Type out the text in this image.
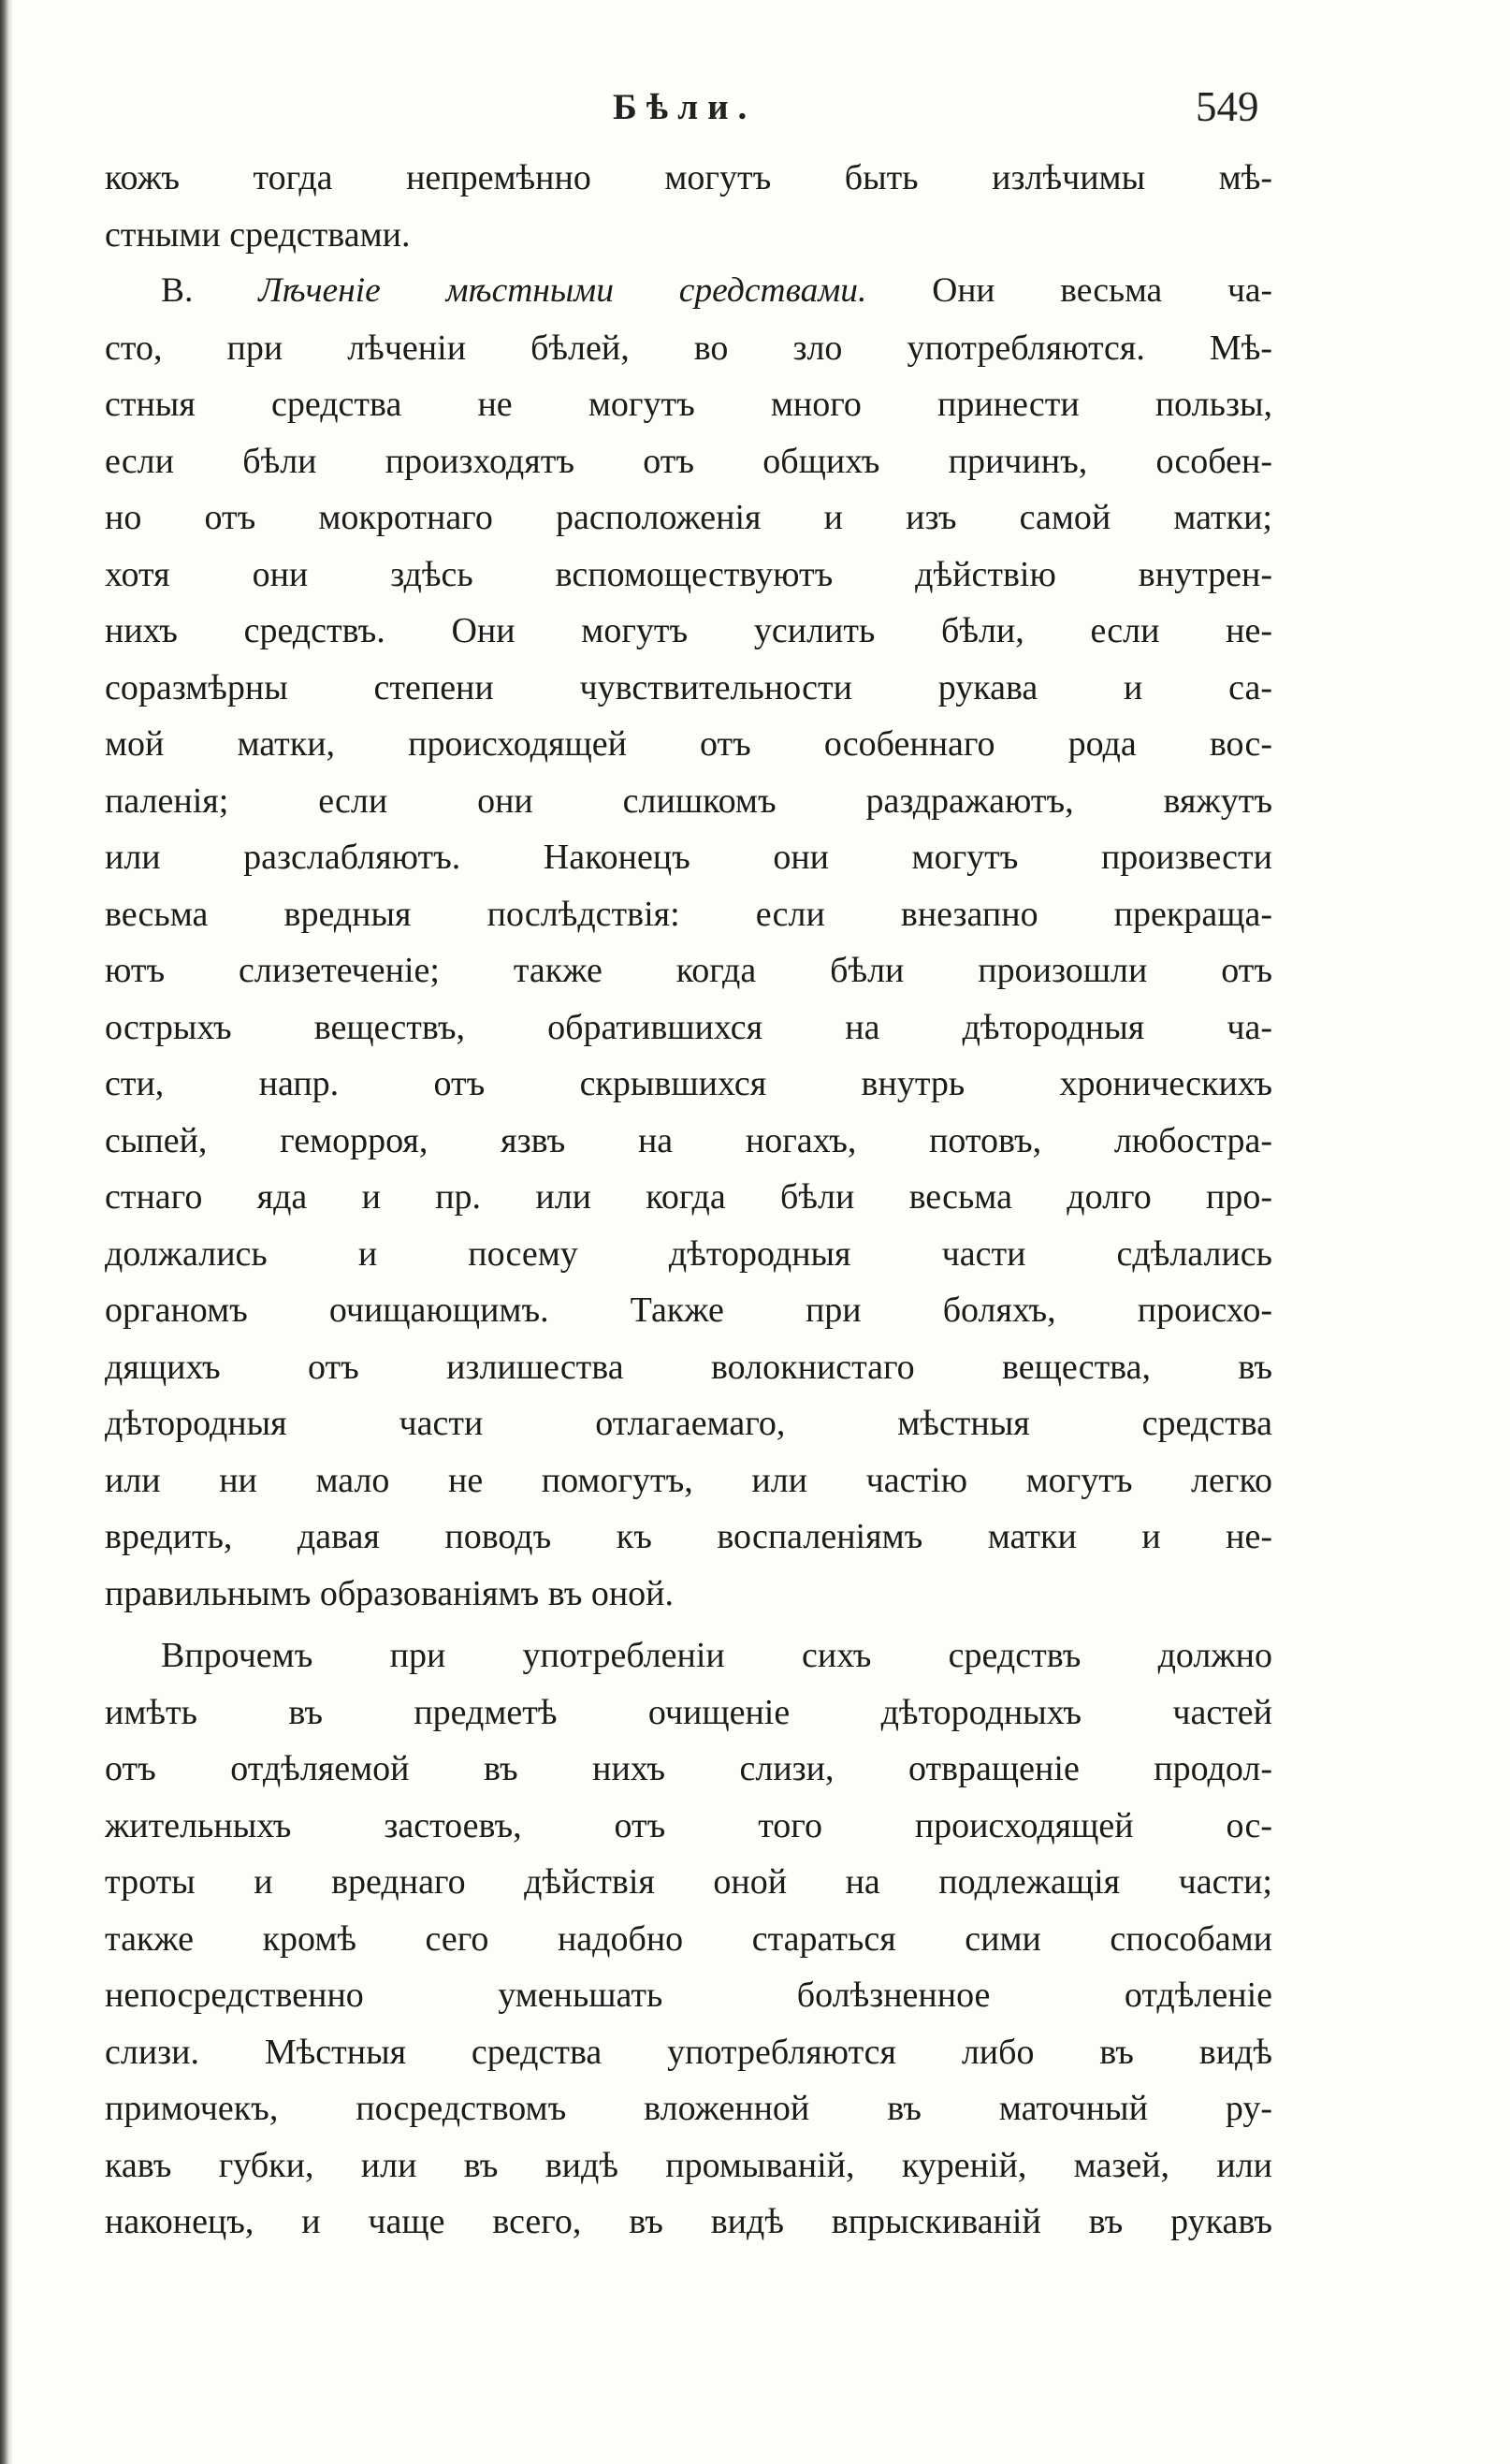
Бѣли.	549
кожъ тогда непремѣнно могутъ быть излѣчимы мѣ-
стными средствами.
В. Лѣченіе мѣстными средствами. Они весьма ча-
сто, при лѣченіи бѣлей, во зло употребляются. Мѣ-
стныя средства не могутъ много принести пользы,
если бѣли произходятъ отъ общихъ причинъ, особен-
но отъ мокротнаго расположенія и изъ самой матки;
хотя они здѣсь вспомоществуютъ дѣйствію внутрен-
нихъ средствъ. Они могутъ усилить бѣли, если не-
соразмѣрны степени чувствительности рукава и са-
мой матки, происходящей отъ особеннаго рода вос-
паленія; если они слишкомъ раздражаютъ, вяжутъ
или разслабляютъ. Наконецъ они могутъ произвести
весьма вредныя послѣдствія: если внезапно прекраща-
ютъ слизетеченіе; также когда бѣли произошли отъ
острыхъ веществъ, обратившихся на дѣтородныя ча-
сти, напр. отъ скрывшихся внутрь хроническихъ
сыпей, геморроя, язвъ на ногахъ, потовъ, любостра-
стнаго яда и пр. или когда бѣли весьма долго про-
должались и посему дѣтородныя части сдѣлались
органомъ очищающимъ. Также при боляхъ, происхо-
дящихъ отъ излишества волокнистаго вещества, въ
дѣтородныя части отлагаемаго, мѣстныя средства
или ни мало не помогутъ, или частію могутъ легко
вредить, давая поводъ къ воспаленіямъ матки и не-
правильнымъ образованіямъ въ оной.
Впрочемъ при употребленіи сихъ средствъ должно
имѣть въ предметѣ очищеніе дѣтородныхъ частей
отъ отдѣляемой въ нихъ слизи, отвращеніе продол-
жительныхъ застоевъ, отъ того происходящей ос-
троты и вреднаго дѣйствія оной на подлежащія части;
также кромѣ сего надобно стараться сими способами
непосредственно уменьшать болѣзненное отдѣленіе
слизи. Мѣстныя средства употребляются либо въ видѣ
примочекъ, посредствомъ вложенной въ маточный ру-
кавъ губки, или въ видѣ промываній, куреній, мазей, или
наконецъ, и чаще всего, въ видѣ впрыскиваній въ рукавъ
